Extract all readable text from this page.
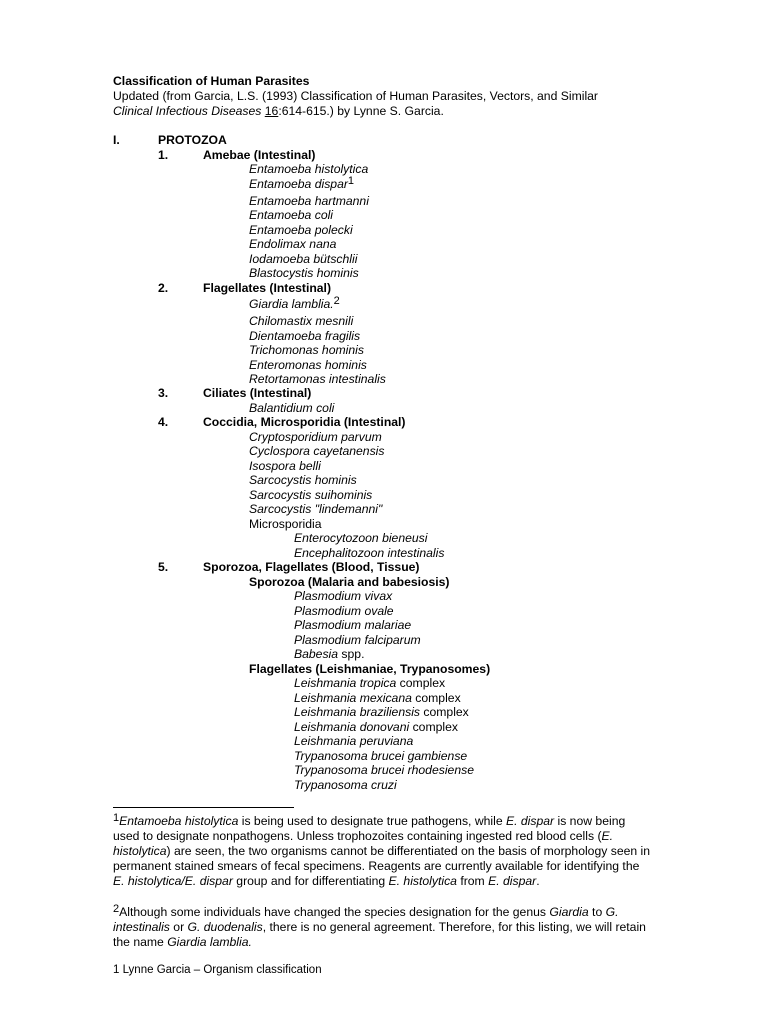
Classification of Human Parasites
Updated (from Garcia, L.S. (1993) Classification of Human Parasites, Vectors, and Similar
Clinical Infectious Diseases 16:614-615.) by Lynne S. Garcia.
I.	PROTOZOA
1.	Amebae (Intestinal)
Entamoeba histolytica
Entamoeba dispar$^1$
Entamoeba hartmanni
Entamoeba coli
Entamoeba polecki
Endolimax nana
Iodamoeba bütschlii
Blastocystis hominis
2.	Flagellates (Intestinal)
Giardia lamblia.$^2$
Chilomastix mesnili
Dientamoeba fragilis
Trichomonas hominis
Enteromonas hominis
Retortamonas intestinalis
3.	Ciliates (Intestinal)
Balantidium coli
4.	Coccidia, Microsporidia (Intestinal)
Cryptosporidium parvum
Cyclospora cayetanensis
Isospora belli
Sarcocystis hominis
Sarcocystis suihominis
Sarcocystis "lindemanni"
Microsporidia
Enterocytozoon bieneusi
Encephalitozoon intestinalis
5.	Sporozoa, Flagellates (Blood, Tissue)
Sporozoa (Malaria and babesiosis)
Plasmodium vivax
Plasmodium ovale
Plasmodium malariae
Plasmodium falciparum
Babesia spp.
Flagellates (Leishmaniae, Trypanosomes)
Leishmania tropica complex
Leishmania mexicana complex
Leishmania braziliensis complex
Leishmania donovani complex
Leishmania peruviana
Trypanosoma brucei gambiense
Trypanosoma brucei rhodesiense
Trypanosoma cruzi
$^1$Entamoeba histolytica is being used to designate true pathogens, while E. dispar is now being used to designate nonpathogens. Unless trophozoites containing ingested red blood cells (E. histolytica) are seen, the two organisms cannot be differentiated on the basis of morphology seen in permanent stained smears of fecal specimens. Reagents are currently available for identifying the E. histolytica/E. dispar group and for differentiating E. histolytica from E. dispar.
$^2$Although some individuals have changed the species designation for the genus Giardia to G. intestinalis or G. duodenalis, there is no general agreement. Therefore, for this listing, we will retain the name Giardia lamblia.
1 Lynne Garcia – Organism classification
